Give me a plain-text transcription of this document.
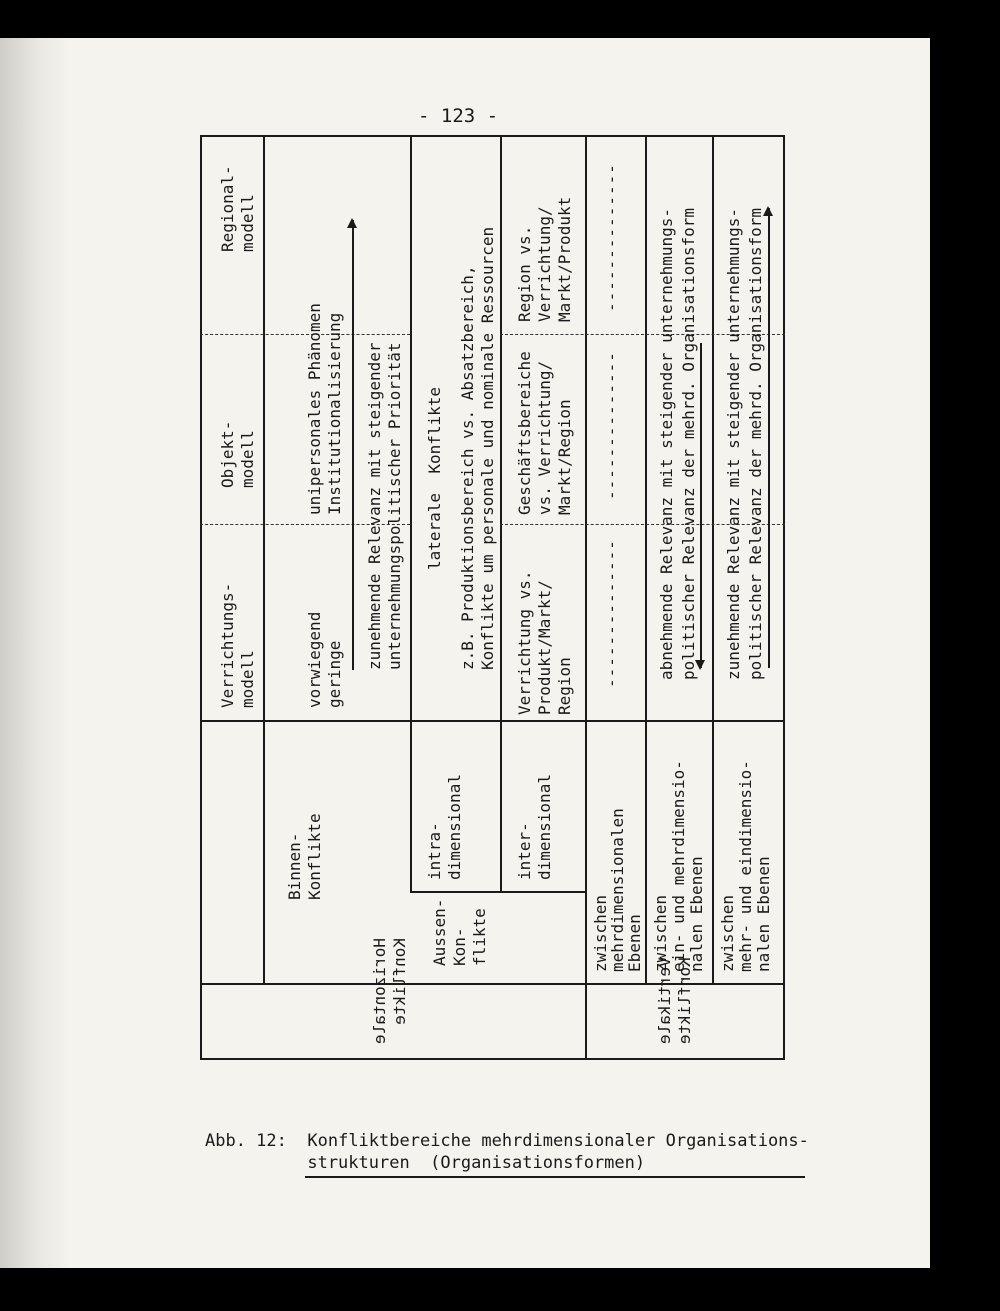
- 123 -
Verrichtungs-
modell
Objekt-
modell
Regional-
modell
Horizontale
Konflikte	Vertikale
Konflikte
Binnen-
Konflikte
Aussen-
Kon-
flikte
intra-
dimensional	inter-
dimensional
zwischen
mehrdimensionalen
Ebenen zwischen
ein- und mehrdimensio-
nalen Ebenen
zwischen
mehr- und eindimensio-
nalen Ebenen
vorwiegend
geringe
unipersonales Phänomen
Institutionalisierung
zunehmende Relevanz mit steigender
unternehmungspolitischer Priorität
laterale  Konflikte
z.B. Produktionsbereich vs. Absatzbereich,
Konflikte um personale und nominale Ressourcen
Verrichtung vs.
Produkt/Markt/
Region
Geschäftsbereiche
vs. Verrichtung/
Markt/Region
Region vs.
Verrichtung/
Markt/Produkt
--------------
--------------
--------------
abnehmende Relevanz mit steigender unternehmungs-
politischer Relevanz der mehrd. Organisationsform
zunehmende Relevanz mit steigender unternehmungs-
politischer Relevanz der mehrd. Organisationsform
Abb. 12: Konfliktbereiche mehrdimensionaler Organisations-
strukturen  (Organisationsformen)
